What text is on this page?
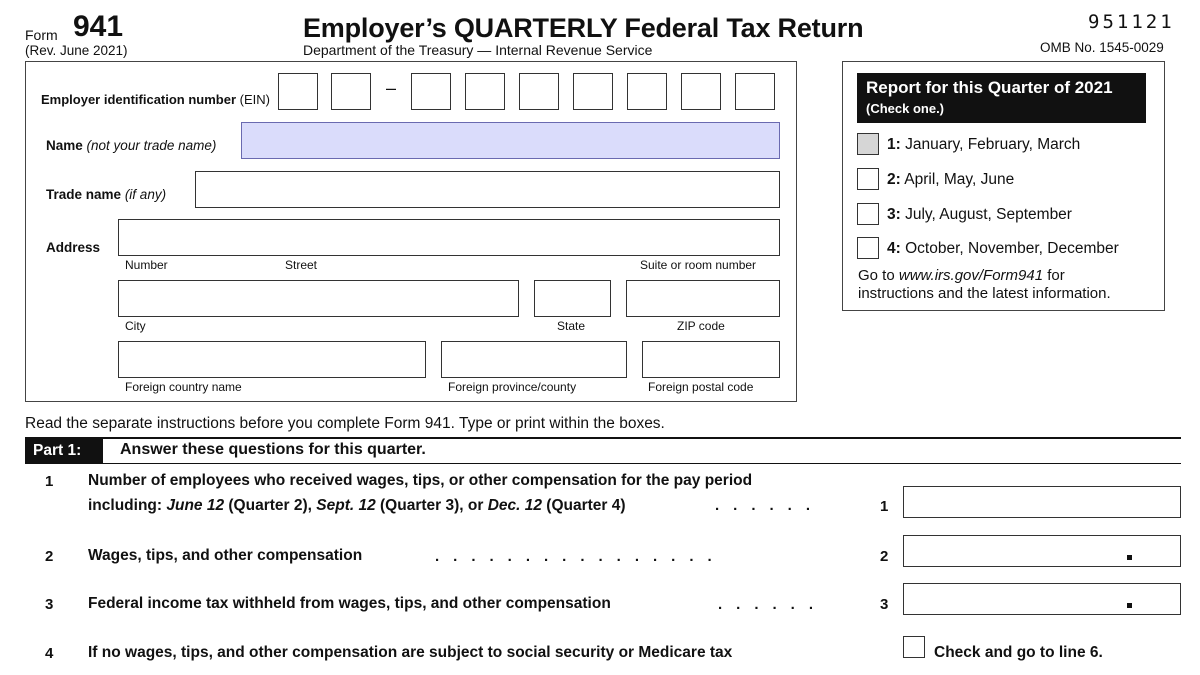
Form 941
(Rev. June 2021)
Employer’s QUARTERLY Federal Tax Return
Department of the Treasury — Internal Revenue Service
951121
OMB No. 1545-0029
Employer identification number (EIN)
–
Name (not your trade name)
Trade name (if any)
Address
Number	Street	Suite or room number
City	State	ZIP code
Foreign country name	Foreign province/county	Foreign postal code
Report for this Quarter of 2021
(Check one.)
1: January, February, March
2: April, May, June
3: July, August, September
4: October, November, December
Go to www.irs.gov/Form941 for
instructions and the latest information.
Read the separate instructions before you complete Form 941. Type or print within the boxes.
Part 1:	Answer these questions for this quarter.
1 Number of employees who received wages, tips, or other compensation for the pay period
including: June 12 (Quarter 2), Sept. 12 (Quarter 3), or Dec. 12 (Quarter 4)	......	1
2 Wages, tips, and other compensation	................	2
3 Federal income tax withheld from wages, tips, and other compensation	......	3
4 If no wages, tips, and other compensation are subject to social security or Medicare tax	Check and go to line 6.
